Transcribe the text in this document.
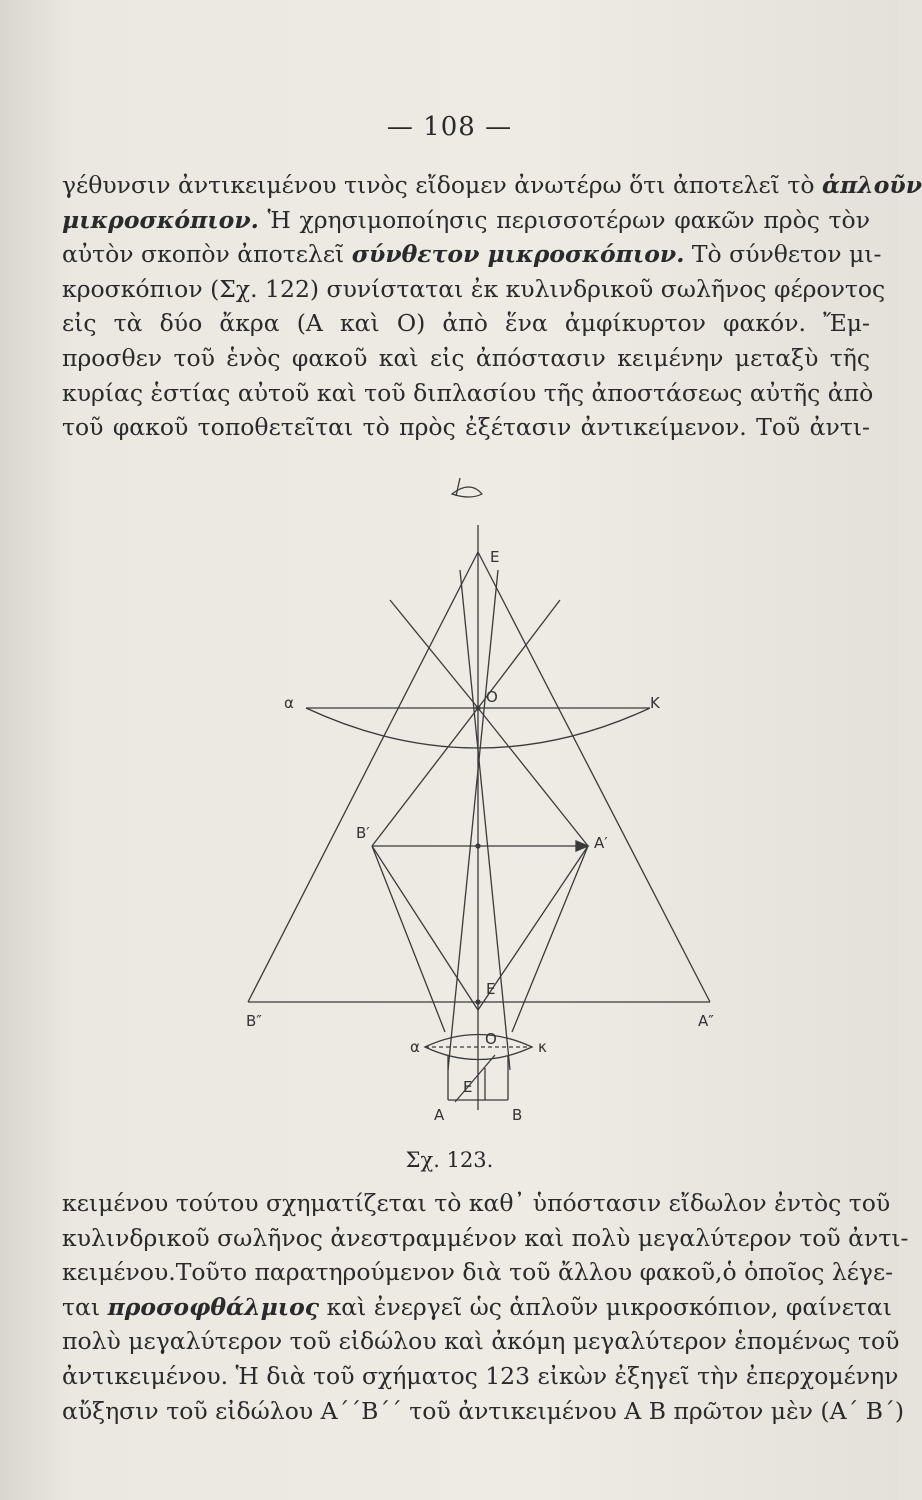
— 108 —
γέθυνσιν ἀντικειμένου τινὸς εἴδομεν ἀνωτέρω ὅτι ἀποτελεῖ τὸ ἁπλοῦν
μικροσκόπιον. Ἡ χρησιμοποίησις περισσοτέρων φακῶν πρὸς τὸν
αὐτὸν σκοπὸν ἀποτελεῖ σύνθετον μικροσκόπιον. Τὸ σύνθετον μι-
κροσκόπιον (Σχ. 122) συνίσταται ἐκ κυλινδρικοῦ σωλῆνος φέροντος
εἰς τὰ δύο ἄκρα (Α καὶ Ο) ἀπὸ ἕνα ἀμφίκυρτον φακόν. Ἔμ-
προσθεν τοῦ ἑνὸς φακοῦ καὶ εἰς ἀπόστασιν κειμένην μεταξὺ τῆς
κυρίας ἑστίας αὐτοῦ καὶ τοῦ διπλασίου τῆς ἀποστάσεως αὐτῆς ἀπὸ
τοῦ φακοῦ τοποθετεῖται τὸ πρὸς ἐξέτασιν ἀντικείμενον. Τοῦ ἀντι-
E
α	O	K
B′
A′
E
B″	A″
α	O	κ
E
A	B
Σχ. 123.
κειμένου τούτου σχηματίζεται τὸ καθ᾽ ὑπόστασιν εἴδωλον ἐντὸς τοῦ
κυλινδρικοῦ σωλῆνος ἀνεστραμμένον καὶ πολὺ μεγαλύτερον τοῦ ἀντι-
κειμένου.Τοῦτο παρατηρούμενον διὰ τοῦ ἄλλου φακοῦ,ὁ ὁποῖος λέγε-
ται προσοφθάλμιος καὶ ἐνεργεῖ ὡς ἁπλοῦν μικροσκόπιον, φαίνεται
πολὺ μεγαλύτερον τοῦ εἰδώλου καὶ ἀκόμη μεγαλύτερον ἑπομένως τοῦ
ἀντικειμένου. Ἡ διὰ τοῦ σχήματος 123 εἰκὼν ἐξηγεῖ τὴν ἐπερχομένην
αὔξησιν τοῦ εἰδώλου Α΄΄Β΄΄ τοῦ ἀντικειμένου Α Β πρῶτον μὲν (Α΄ Β΄)
